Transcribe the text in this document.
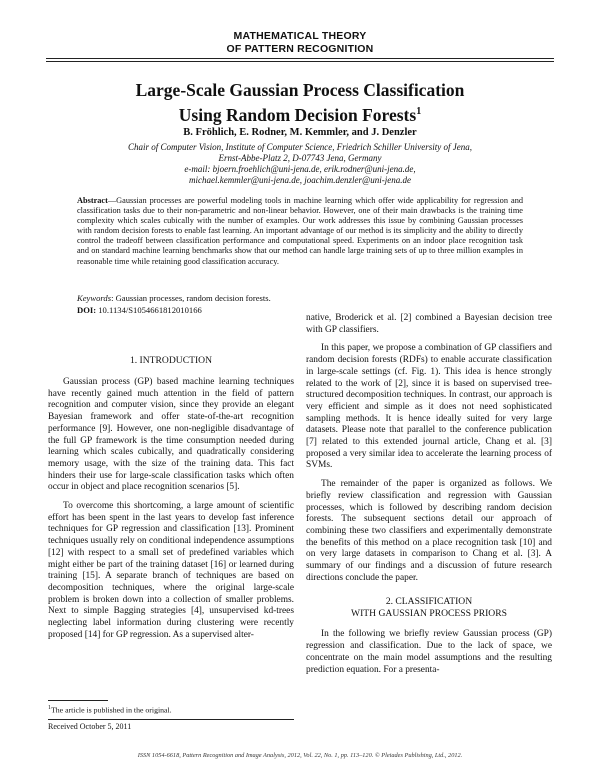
MATHEMATICAL THEORY
OF PATTERN RECOGNITION
Large-Scale Gaussian Process Classification
Using Random Decision Forests$^1$
B. Fröhlich, E. Rodner, M. Kemmler, and J. Denzler
Chair of Computer Vision, Institute of Computer Science, Friedrich Schiller University of Jena,
Ernst-Abbe-Platz 2, D-07743 Jena, Germany
e-mail: bjoern.froehlich@uni-jena.de, erik.rodner@uni-jena.de,
michael.kemmler@uni-jena.de, joachim.denzler@uni-jena.de
Abstract—Gaussian processes are powerful modeling tools in machine learning which offer wide applicability for regression and classification tasks due to their non-parametric and non-linear behavior. However, one of their main drawbacks is the training time complexity which scales cubically with the number of examples. Our work addresses this issue by combining Gaussian processes with random decision forests to enable fast learning. An important advantage of our method is its simplicity and the ability to directly control the tradeoff between classification performance and computational speed. Experiments on an indoor place recognition task and on standard machine learning benchmarks show that our method can handle large training sets of up to three million examples in reasonable time while retaining good classification accuracy.
Keywords: Gaussian processes, random decision forests.
DOI: 10.1134/S1054661812010166

1. INTRODUCTION

Gaussian process (GP) based machine learning techniques have recently gained much attention in the field of pattern recognition and computer vision, since they provide an elegant Bayesian framework and offer state-of-the-art recognition performance [9]. However, one non-negligible disadvantage of the full GP framework is the time consumption needed during learning which scales cubically, and quadratically considering memory usage, with the size of the training data. This fact hinders their use for large-scale classification tasks which often occur in object and place recognition scenarios [5].

To overcome this shortcoming, a large amount of scientific effort has been spent in the last years to develop fast inference techniques for GP regression and classification [13]. Prominent techniques usually rely on conditional independence assumptions [12] with respect to a small set of predefined variables which might either be part of the training dataset [16] or learned during training [15]. A separate branch of techniques are based on decomposition techniques, where the original large-scale problem is broken down into a collection of smaller problems. Next to simple Bagging strategies [4], unsupervised kd-trees neglecting label information during clustering were recently proposed [14] for GP regression. As a supervised alter-

native, Broderick et al. [2] combined a Bayesian decision tree with GP classifiers.

In this paper, we propose a combination of GP classifiers and random decision forests (RDFs) to enable accurate classification in large-scale settings (cf. Fig. 1). This idea is hence strongly related to the work of [2], since it is based on supervised tree-structured decomposition techniques. In contrast, our approach is very efficient and simple as it does not need sophisticated sampling methods. It is hence ideally suited for very large datasets. Please note that parallel to the conference publication [7] related to this extended journal article, Chang et al. [3] proposed a very similar idea to accelerate the learning process of SVMs.

The remainder of the paper is organized as follows. We briefly review classification and regression with Gaussian processes, which is followed by describing random decision forests. The subsequent sections detail our approach of combining these two classifiers and experimentally demonstrate the benefits of this method on a place recognition task [10] and on very large datasets in comparison to Chang et al. [3]. A summary of our findings and a discussion of future research directions conclude the paper.

2. CLASSIFICATION

WITH GAUSSIAN PROCESS PRIORS

In the following we briefly review Gaussian process (GP) regression and classification. Due to the lack of space, we concentrate on the main model assumptions and the resulting prediction equation. For a presenta-

$^1$The article is published in the original.
Received October 5, 2011
ISSN 1054-6618, Pattern Recognition and Image Analysis, 2012, Vol. 22, No. 1, pp. 113–120. © Pleiades Publishing, Ltd., 2012.
